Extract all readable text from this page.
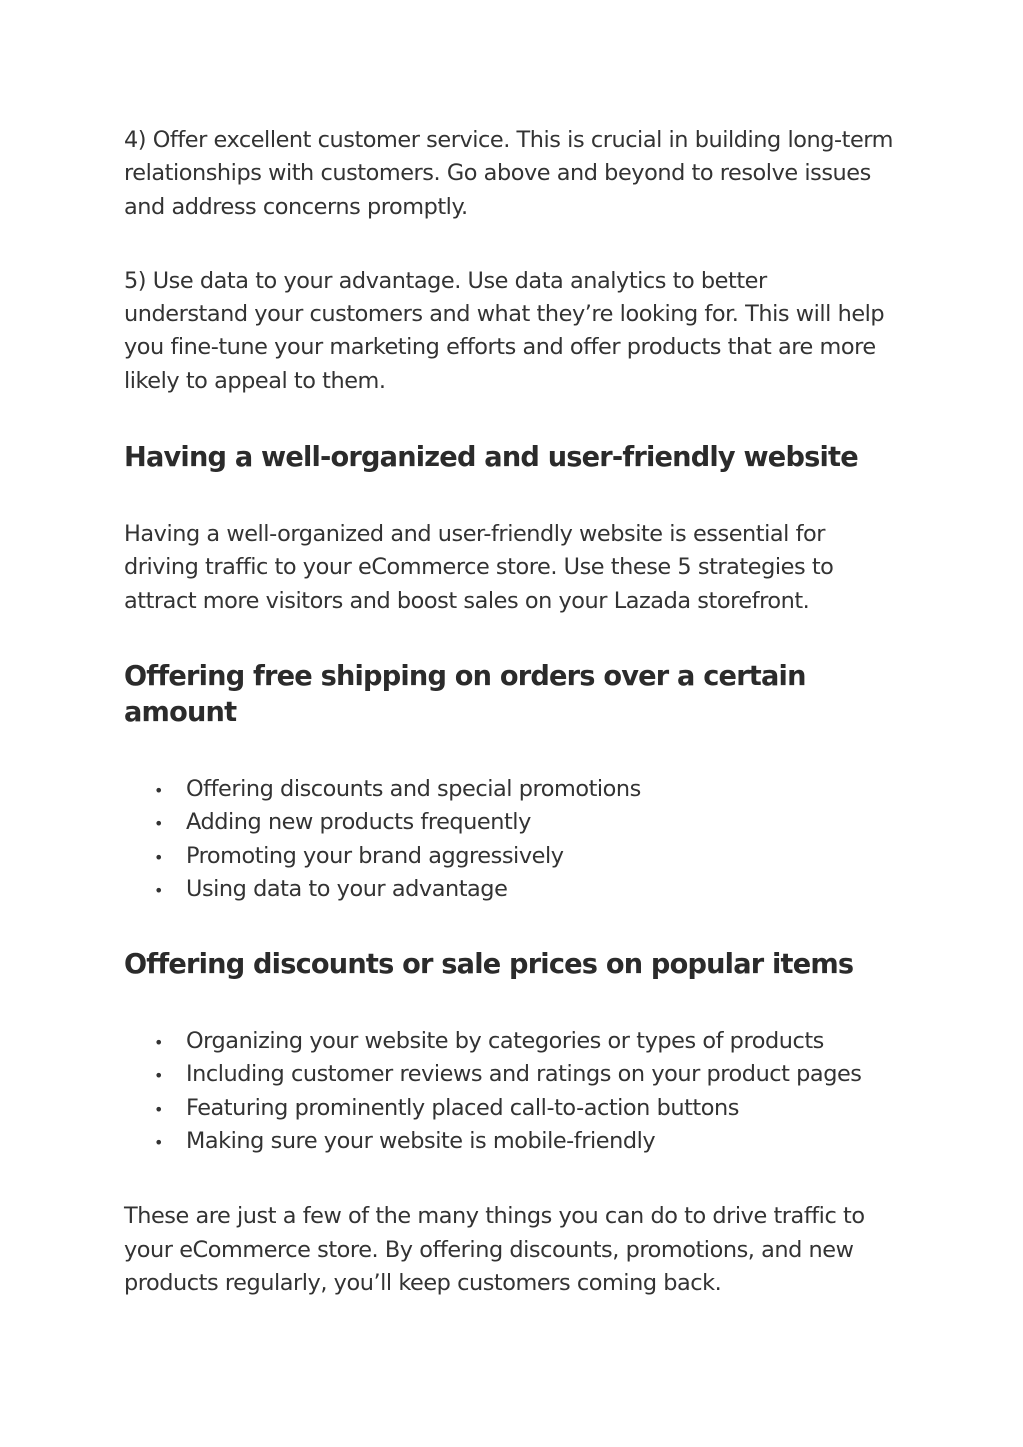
4) Offer excellent customer service. This is crucial in building long-term relationships with customers. Go above and beyond to resolve issues and address concerns promptly.

5) Use data to your advantage. Use data analytics to better understand your customers and what they’re looking for. This will help you fine-tune your marketing efforts and offer products that are more likely to appeal to them.

Having a well-organized and user-friendly website

Having a well-organized and user-friendly website is essential for driving traffic to your eCommerce store. Use these 5 strategies to attract more visitors and boost sales on your Lazada storefront.

Offering free shipping on orders over a certain amount
• Offering discounts and special promotions
• Adding new products frequently
• Promoting your brand aggressively
• Using data to your advantage
Offering discounts or sale prices on popular items
• Organizing your website by categories or types of products
• Including customer reviews and ratings on your product pages
• Featuring prominently placed call-to-action buttons
• Making sure your website is mobile-friendly

These are just a few of the many things you can do to drive traffic to your eCommerce store. By offering discounts, promotions, and new products regularly, you’ll keep customers coming back.
